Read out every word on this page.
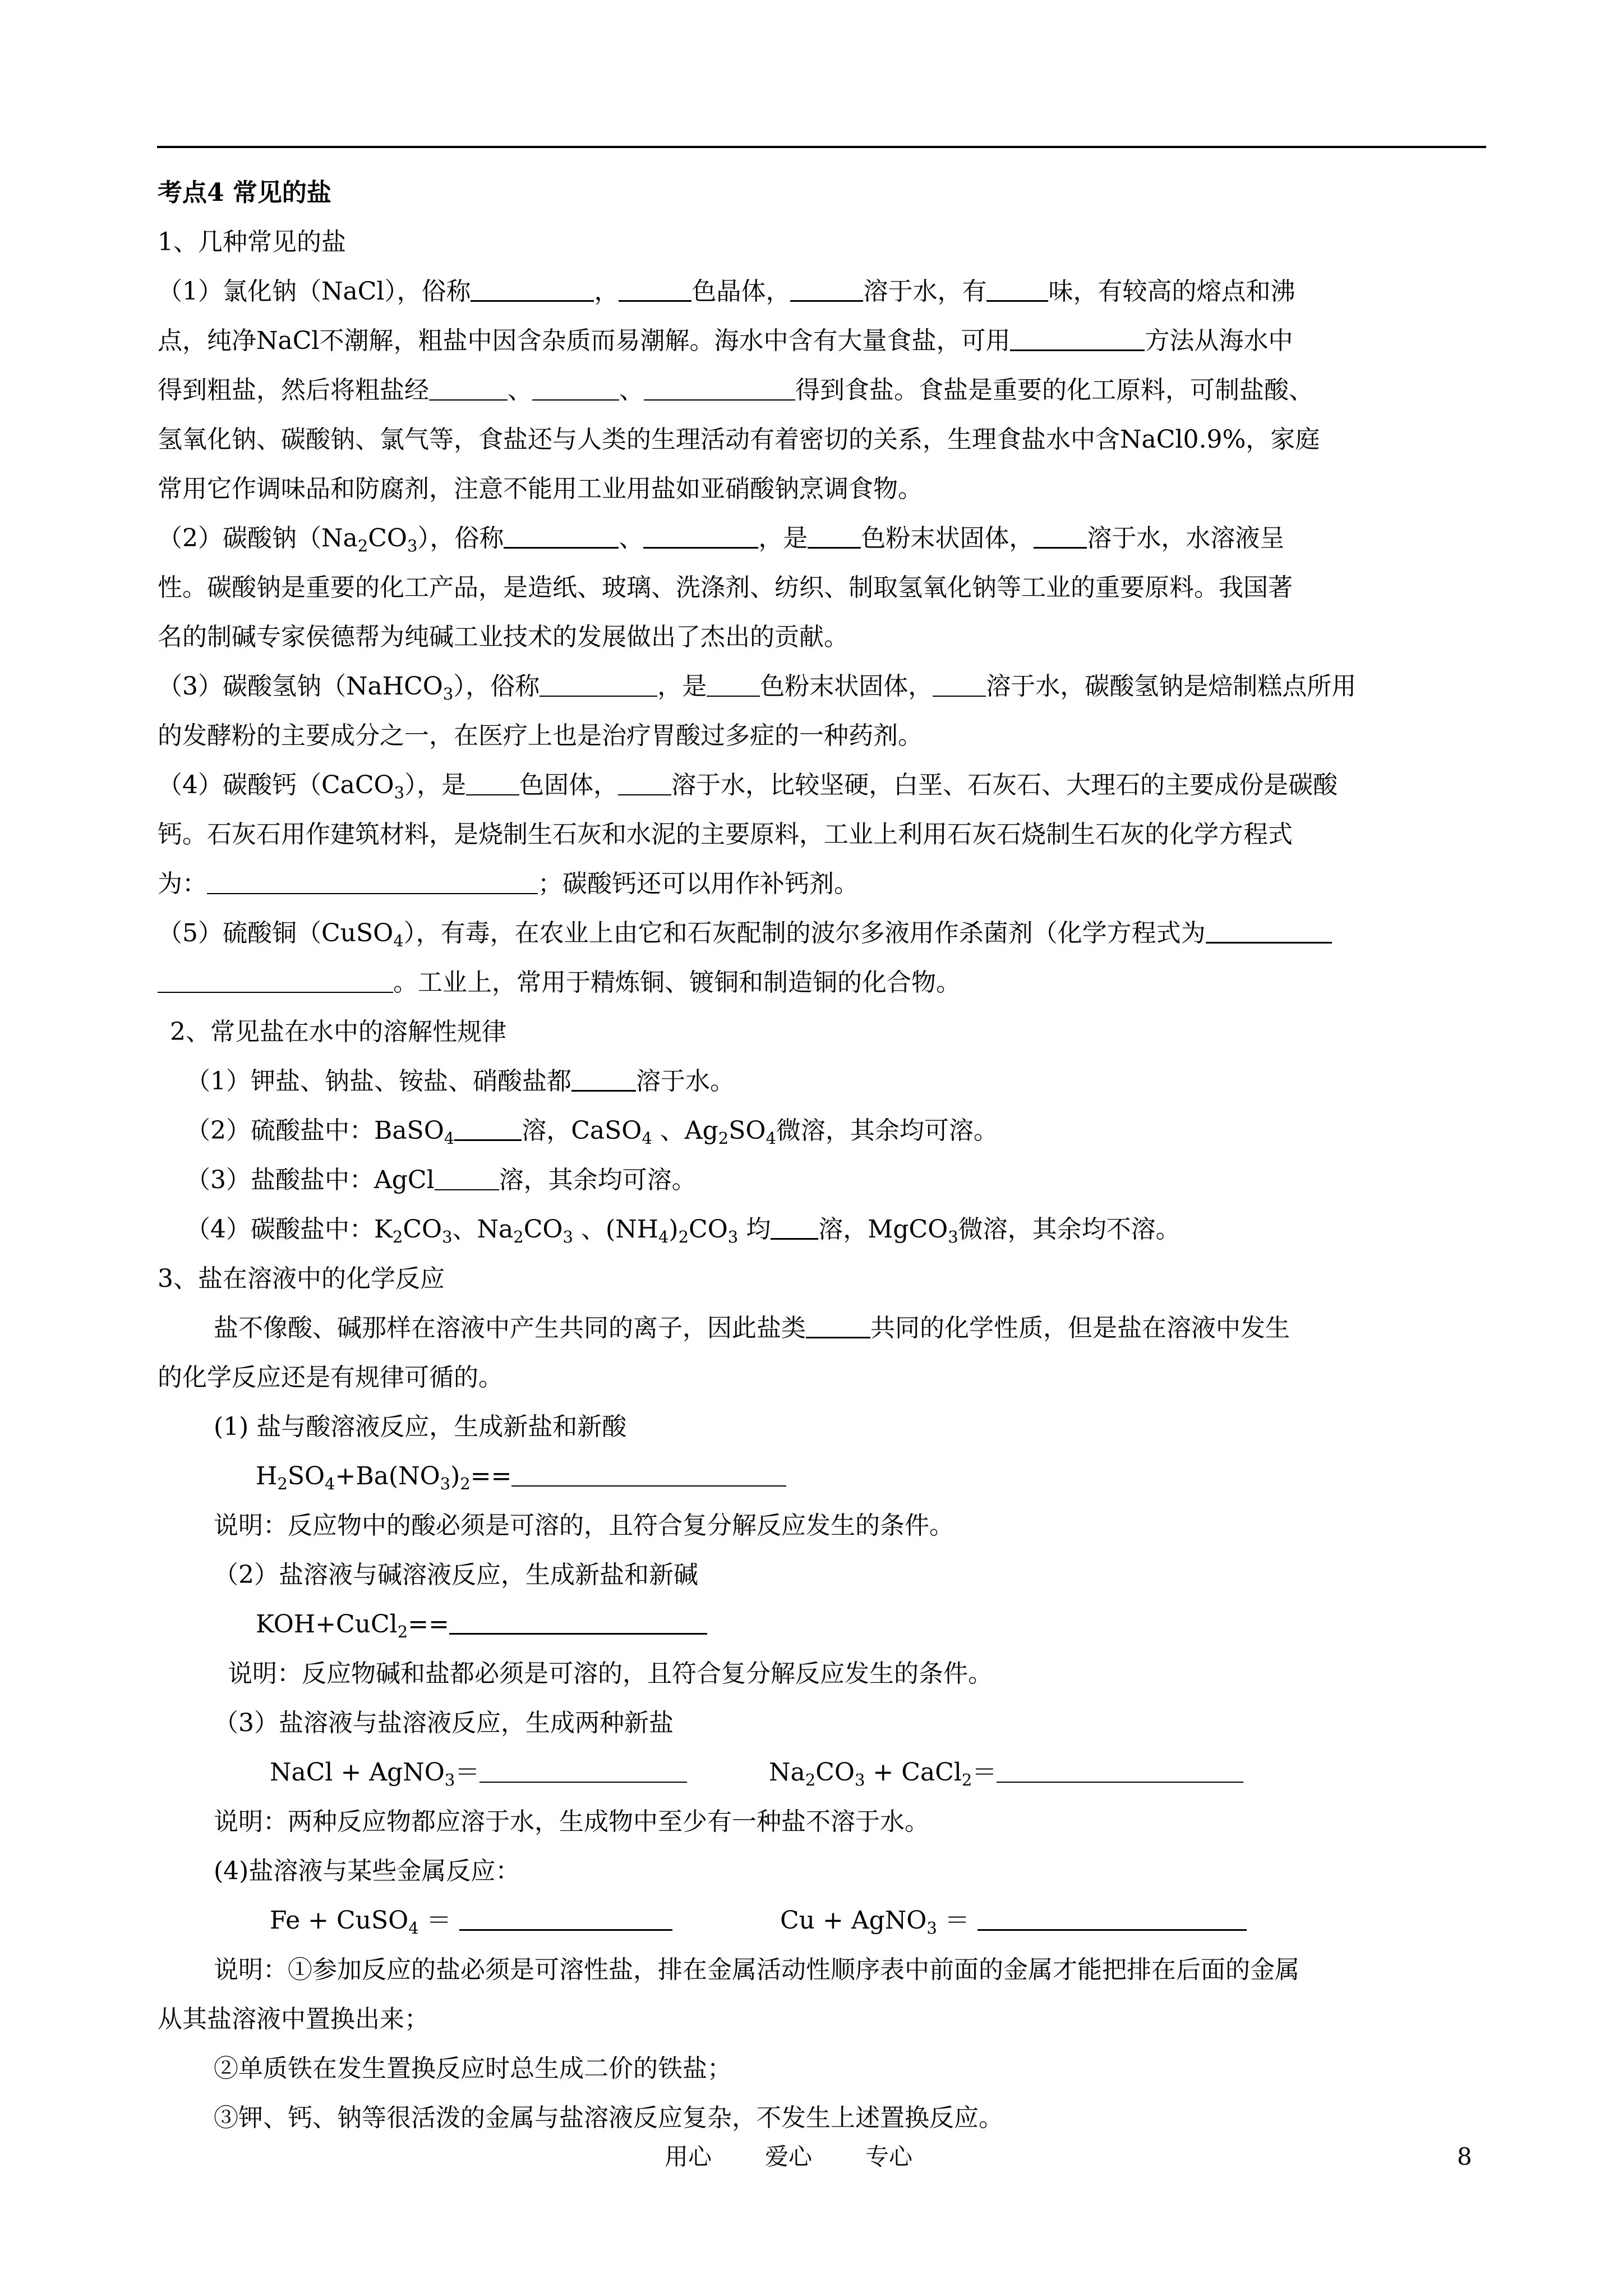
考点4 常见的盐
1、几种常见的盐
（1）氯化钠（NaCl），俗称	，	色晶体，	溶于水，有	味，有较高的熔点和沸
点，纯净NaCl不潮解，粗盐中因含杂质而易潮解。海水中含有大量食盐，可用	方法从海水中
得到粗盐，然后将粗盐经	、	、	得到食盐。食盐是重要的化工原料，可制盐酸、
氢氧化钠、碳酸钠、氯气等，食盐还与人类的生理活动有着密切的关系，生理食盐水中含NaCl0.9%，家庭
常用它作调味品和防腐剂，注意不能用工业用盐如亚硝酸钠烹调食物。
（2）碳酸钠$(Na_2CO_3)$，俗称	、	，是 色粉末状固体， 溶于水，水溶液呈
性。碳酸钠是重要的化工产品，是造纸、玻璃、洗涤剂、纺织、制取氢氧化钠等工业的重要原料。我国著
名的制碱专家侯德帮为纯碱工业技术的发展做出了杰出的贡献。
（3）碳酸氢钠（NaHCO$_3$），俗称	，是 色粉末状固体， 溶于水，碳酸氢钠是焙制糕点所用
的发酵粉的主要成分之一，在医疗上也是治疗胃酸过多症的一种药剂。
（4）碳酸钙（CaCO$_3$），是 色固体， 溶于水，比较坚硬，白垩、石灰石、大理石的主要成份是碳酸
钙。石灰石用作建筑材料，是烧制生石灰和水泥的主要原料，工业上利用石灰石烧制生石灰的化学方程式
为：	；碳酸钙还可以用作补钙剂。
（5）硫酸铜（CuSO$_4$），有毒，在农业上由它和石灰配制的波尔多液用作杀菌剂（化学方程式为
。工业上，常用于精炼铜、镀铜和制造铜的化合物。
2、常见盐在水中的溶解性规律
（1）钾盐、钠盐、铵盐、硝酸盐都	溶于水。
（2）硫酸盐中：BaSO$_4$	溶，CaSO$_4$ 、$Ag_2SO_4$微溶，其余均可溶。
（3）盐酸盐中：AgCl	溶，其余均可溶。
（4）碳酸盐中：$K_2CO_3$、$Na_2CO_3$ 、$(NH_4)_2CO_3$ 均 溶，MgCO$_3$微溶，其余均不溶。
3、盐在溶液中的化学反应
盐不像酸、碱那样在溶液中产生共同的离子，因此盐类	共同的化学性质，但是盐在溶液中发生
的化学反应还是有规律可循的。
(1) 盐与酸溶液反应，生成新盐和新酸
$H_2SO_4+Ba(NO_3)_2==$
说明：反应物中的酸必须是可溶的，且符合复分解反应发生的条件。
（2）盐溶液与碱溶液反应，生成新盐和新碱
KOH+CuCl$_2$==
说明：反应物碱和盐都必须是可溶的，且符合复分解反应发生的条件。
（3）盐溶液与盐溶液反应，生成两种新盐
NaCl + AgNO$_3$＝	$Na_2CO_3$ + CaCl$_2$＝
说明：两种反应物都应溶于水，生成物中至少有一种盐不溶于水。
(4)盐溶液与某些金属反应：
Fe + CuSO$_4$ ＝	Cu + AgNO$_3$ ＝
说明：①参加反应的盐必须是可溶性盐，排在金属活动性顺序表中前面的金属才能把排在后面的金属
从其盐溶液中置换出来；
②单质铁在发生置换反应时总生成二价的铁盐；
③钾、钙、钠等很活泼的金属与盐溶液反应复杂，不发生上述置换反应。
用心 爱心 专心	8
